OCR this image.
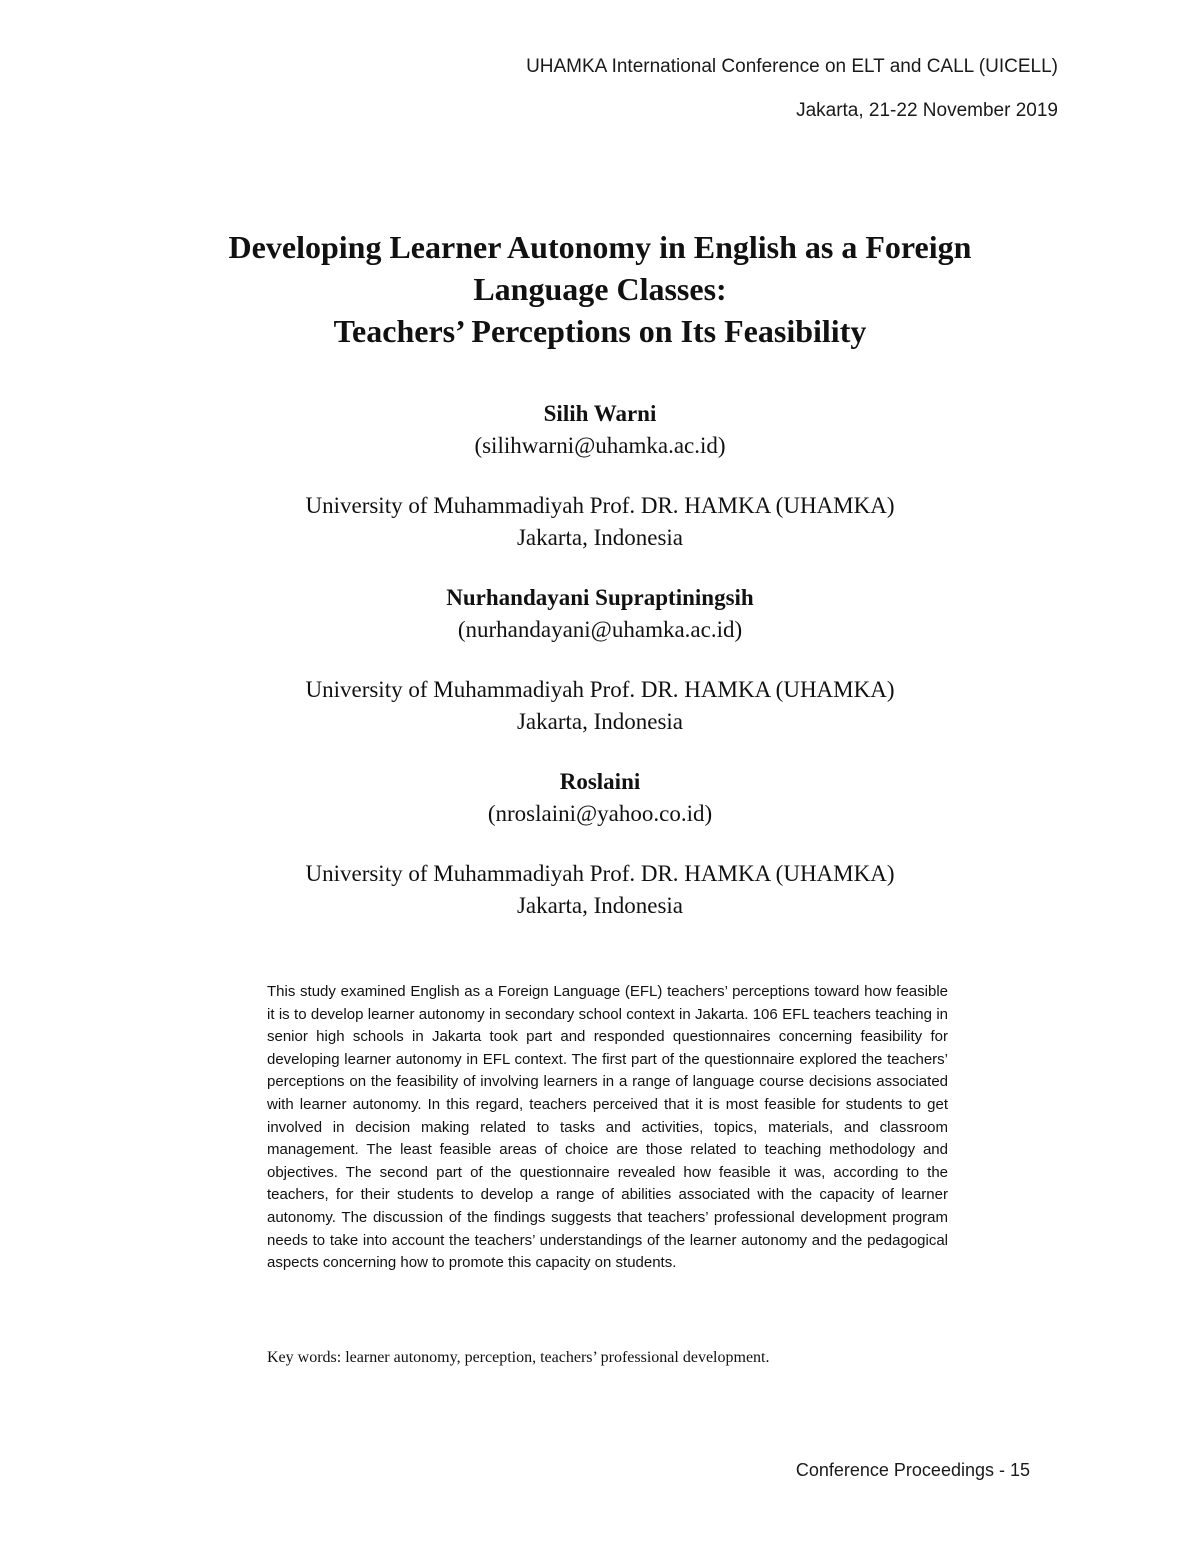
UHAMKA International Conference on ELT and CALL (UICELL)
Jakarta, 21-22 November 2019
Developing Learner Autonomy in English as a Foreign
Language Classes:
Teachers’ Perceptions on Its Feasibility
Silih Warni
(silihwarni@uhamka.ac.id)
University of Muhammadiyah Prof. DR. HAMKA (UHAMKA)
Jakarta, Indonesia
Nurhandayani Supraptiningsih
(nurhandayani@uhamka.ac.id)
University of Muhammadiyah Prof. DR. HAMKA (UHAMKA)
Jakarta, Indonesia
Roslaini
(nroslaini@yahoo.co.id)
University of Muhammadiyah Prof. DR. HAMKA (UHAMKA)
Jakarta, Indonesia

This study examined English as a Foreign Language (EFL) teachers’ perceptions toward how feasible it is to develop learner autonomy in secondary school context in Jakarta. 106 EFL teachers teaching in senior high schools in Jakarta took part and responded questionnaires concerning feasibility for developing learner autonomy in EFL context. The first part of the questionnaire explored the teachers’ perceptions on the feasibility of involving learners in a range of language course decisions associated with learner autonomy. In this regard, teachers perceived that it is most feasible for students to get involved in decision making related to tasks and activities, topics, materials, and classroom management. The least feasible areas of choice are those related to teaching methodology and objectives. The second part of the questionnaire revealed how feasible it was, according to the teachers, for their students to develop a range of abilities associated with the capacity of learner autonomy. The discussion of the findings suggests that teachers’ professional development program needs to take into account the teachers’ understandings of the learner autonomy and the pedagogical aspects concerning how to promote this capacity on students.

Key words: learner autonomy, perception, teachers’ professional development.

Conference Proceedings - 15
